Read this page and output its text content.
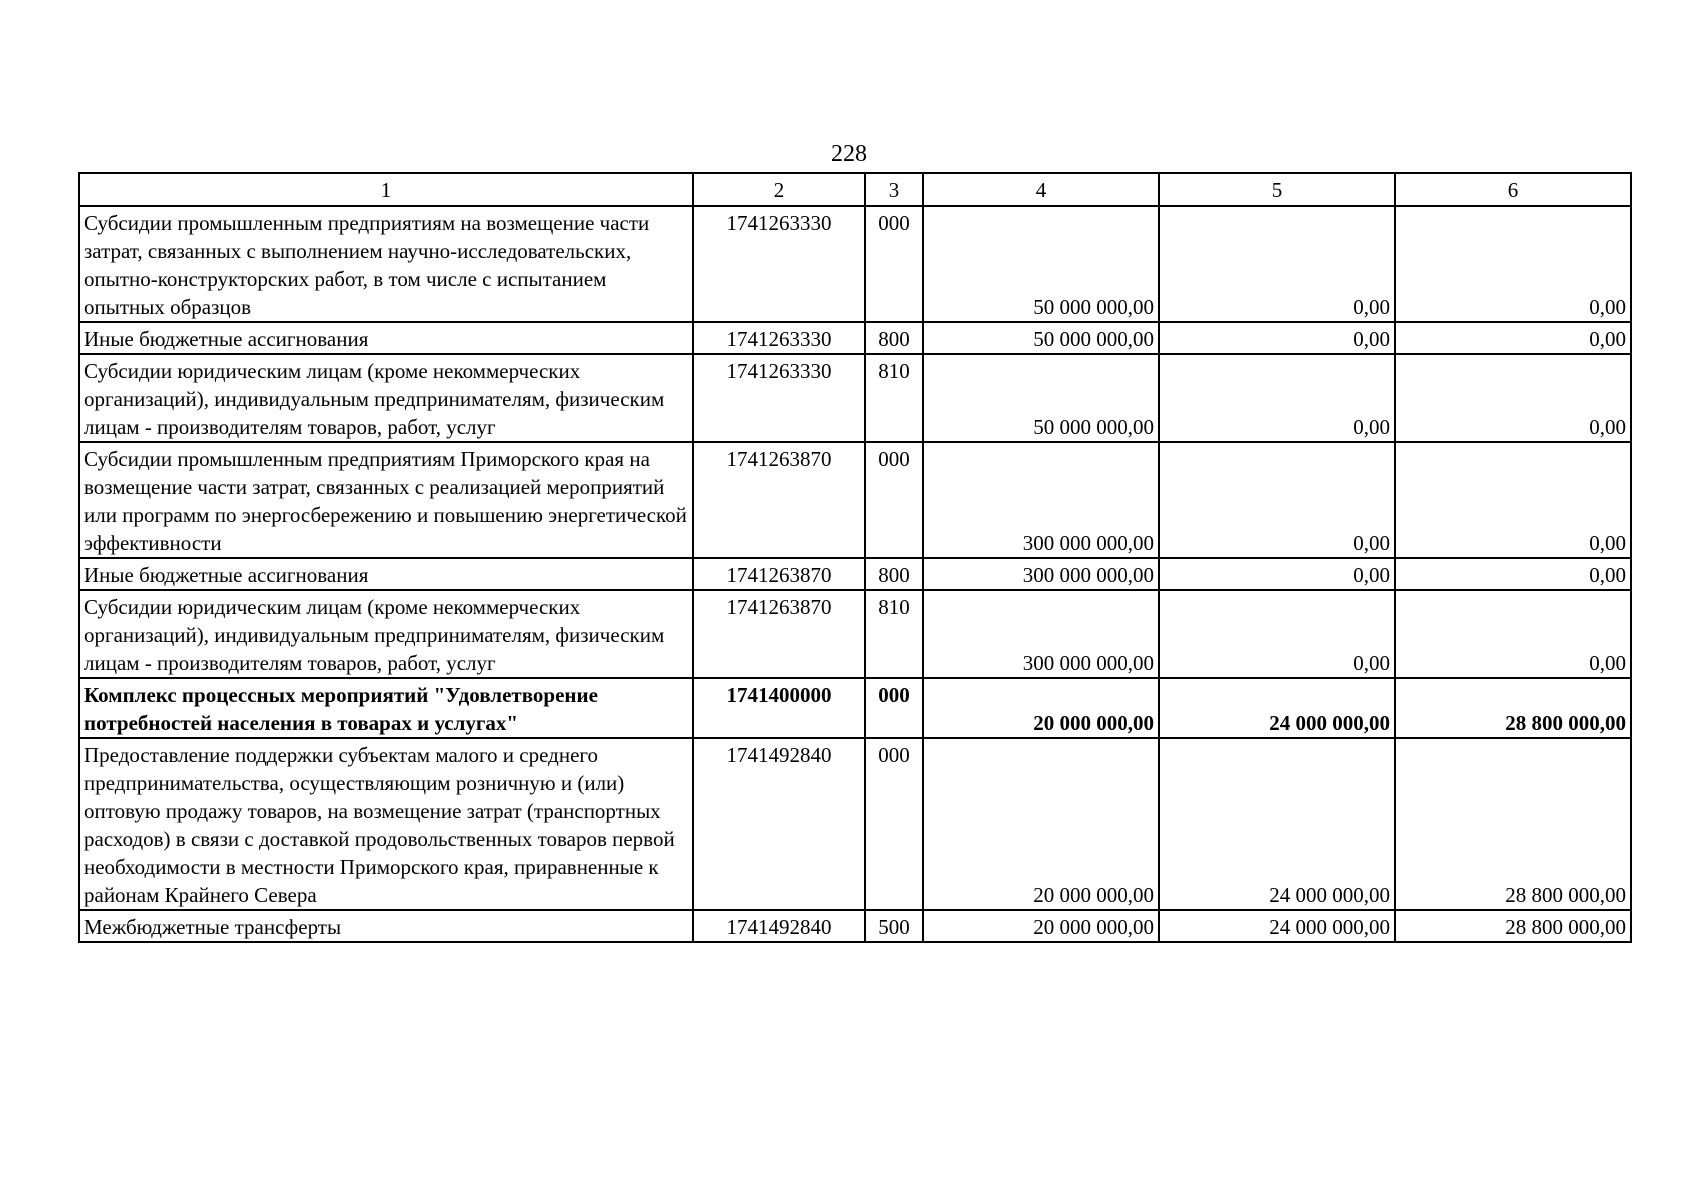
228
1	2	3	4	5	6
Субсидии промышленным предприятиям на возмещение части затрат, связанных с выполнением научно-исследовательских, опытно-конструкторских работ, в том числе с испытанием опытных образцов	1741263330	000	50 000 000,00	0,00	0,00
Иные бюджетные ассигнования	1741263330	800	50 000 000,00	0,00	0,00
Субсидии юридическим лицам (кроме некоммерческих организаций), индивидуальным предпринимателям, физическим лицам - производителям товаров, работ, услуг	1741263330	810	50 000 000,00	0,00	0,00
Субсидии промышленным предприятиям Приморского края на возмещение части затрат, связанных с реализацией мероприятий или программ по энергосбережению и повышению энергетической эффективности	1741263870	000	300 000 000,00	0,00	0,00
Иные бюджетные ассигнования	1741263870	800	300 000 000,00	0,00	0,00
Субсидии юридическим лицам (кроме некоммерческих организаций), индивидуальным предпринимателям, физическим лицам - производителям товаров, работ, услуг	1741263870	810	300 000 000,00	0,00	0,00
Комплекс процессных мероприятий "Удовлетворение потребностей населения в товарах и услугах"	1741400000	000	20 000 000,00	24 000 000,00	28 800 000,00
Предоставление поддержки субъектам малого и среднего предпринимательства, осуществляющим розничную и (или) оптовую продажу товаров, на возмещение затрат (транспортных расходов) в связи с доставкой продовольственных товаров первой необходимости в местности Приморского края, приравненные к районам Крайнего Севера	1741492840	000	20 000 000,00	24 000 000,00	28 800 000,00
Межбюджетные трансферты	1741492840	500	20 000 000,00	24 000 000,00	28 800 000,00
